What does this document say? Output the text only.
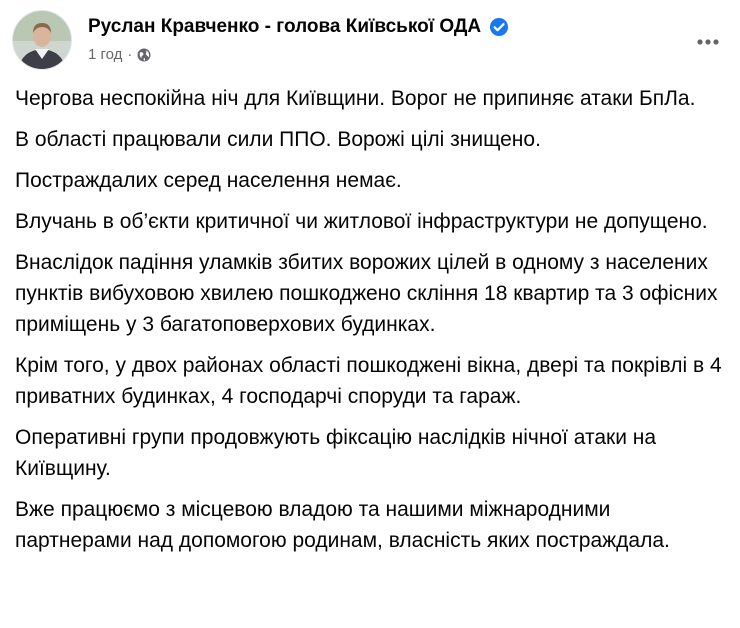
Руслан Кравченко - голова Київської ОДА
1 год ·

Чергова неспокійна ніч для Київщини. Ворог не припиняє атаки БпЛа.

В області працювали сили ППО. Ворожі цілі знищено.

Постраждалих серед населення немає.

Влучань в об’єкти критичної чи житлової інфраструктури не допущено.

Внаслідок падіння уламків збитих ворожих цілей в одному з населених пунктів вибуховою хвилею пошкоджено скління 18 квартир та 3 офісних приміщень у 3 багатоповерхових будинках.

Крім того, у двох районах області пошкоджені вікна, двері та покрівлі в 4 приватних будинках, 4 господарчі споруди та гараж.

Оперативні групи продовжують фіксацію наслідків нічної атаки на Київщину.

Вже працюємо з місцевою владою та нашими міжнародними партнерами над допомогою родинам, власність яких постраждала.
